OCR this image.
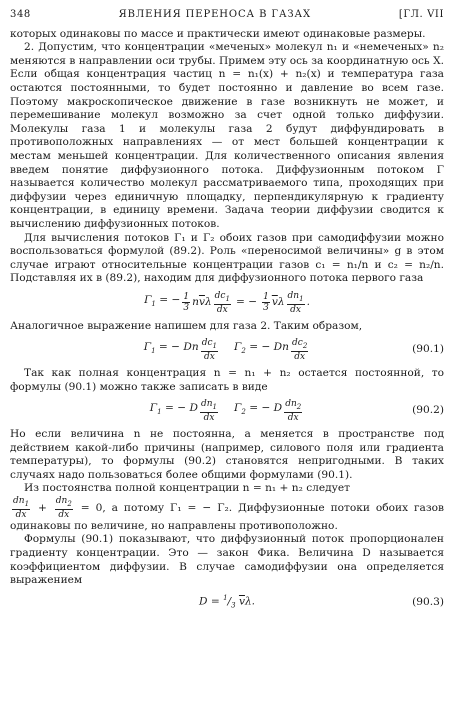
348	ЯВЛЕНИЯ ПЕРЕНОСА В ГАЗАХ	[ГЛ. VII

которых одинаковы по массе и практически имеют одинаковые размеры.

2. Допустим, что концентрации «меченых» молекул n₁ и «немеченых» n₂ меняются в направлении оси трубы. Примем эту ось за координатную ось X. Если общая концентрация частиц n = n₁(x) + n₂(x) и температура газа остаются постоянными, то будет постоянно и давление во всем газе. Поэтому макроскопическое движение в газе возникнуть не может, и перемешивание молекул возможно за счет одной только диффузии. Молекулы газа 1 и молекулы газа 2 будут диффундировать в противоположных направлениях — от мест большей концентрации к местам меньшей концентрации. Для количественного описания явления введем понятие диффузионного потока. Диффузионным потоком Γ называется количество молекул рассматриваемого типа, проходящих при диффузии через единичную площадку, перпендикулярную к градиенту концентрации, в единицу времени. Задача теории диффузии сводится к вычислению диффузионных потоков.

Для вычисления потоков Γ₁ и Γ₂ обоих газов при самодиффузии можно воспользоваться формулой (89.2). Роль «переносимой величины» g в этом случае играют относительные концентрации газов c₁ = n₁/n и c₂ = n₂/n. Подставляя их в (89.2), находим для диффузионного потока первого газа

$\Gamma_1$ = − $\frac{1}{3} n\overline{v}\lambda \frac{dc_1}{dx}$ = − $\frac{1}{3} \overline{v}\lambda \frac{dn_1}{dx}$ .

Аналогичное выражение напишем для газа 2. Таким образом,

$\Gamma_1$ = − Dn $\frac{dc_1}{dx} \Gamma_2$ = − Dn $\frac{dc_2}{dx}$	(90.1)

Так как полная концентрация n = n₁ + n₂ остается постоянной, то формулы (90.1) можно также записать в виде

$\Gamma_1$ = − D $\frac{dn_1}{dx} \Gamma_2$ = − D $\frac{dn_2}{dx}$	(90.2)

Но если величина n не постоянна, а меняется в пространстве под действием какой-либо причины (например, силового поля или градиента температуры), то формулы (90.2) становятся непригодными. В таких случаях надо пользоваться более общими формулами (90.1).

Из постоянства полной концентрации n = n₁ + n₂ следует

$\frac{dn_1}{dx} + \frac{dn_2}{dx} = 0$, а потому Γ₁ = − Γ₂. Диффузионные потоки обоих газов одинаковы по величине, но направлены противоположно.

Формулы (90.1) показывают, что диффузионный поток пропорционален градиенту концентрации. Это — закон Фика. Величина D называется коэффициентом диффузии. В случае самодиффузии она определяется выражением

$D = ^1/_3$ $\overline{v}\lambda$.	(90.3)
